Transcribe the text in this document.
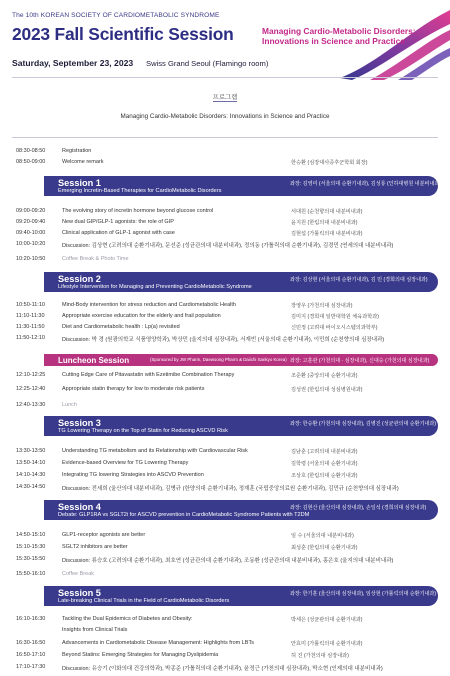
The 10th KOREAN SOCIETY OF CARDIOMETABOLIC SYNDROME
2023 Fall Scientific Session	Managing Cardio-Metabolic Disorders:
Innovations in Science and Practice
Saturday, September 23, 2023 Swiss Grand Seoul (Flamingo room)
프로그램
Managing Cardio-Metabolic Disorders: Innovations in Science and Practice
08:30-08:50	Registration
08:50-09:00	Welcome remark	한승환 (심장대사증후군학회 회장)
Session 1
Emerging Incretin-Based Therapies for CardioMetabolic Disorders
좌장: 김영미 (서울의대 순환기내과), 김성룡 (인하대병원 내분비내과)
09:00-09:20	The evolving story of incretin hormone beyond glucose control	서대원 (순천향의대 내분비내과)
09:20-09:40	New dual GIP/GLP-1 agonists: the role of GIP	윤지원 (한림의대 내분비내과)
09:40-10:00	Clinical application of GLP-1 agonist with case	김현섭 (가톨릭의대 내분비내과)
10:00-10:20	Discussion: 김상현 (고려의대 순환기내과), 문선준 (성균관의대 내분비내과), 정의동 (가톨릭의대 순환기내과), 김경민 (연세의대 내분비내과)
10:20-10:50	Coffee Break & Photo Time
Session 2
Lifestyle Intervention for Managing and Preventing CardioMetabolic Syndrome
좌장: 김상현 (서울의대 순환기내과), 김 민 (경희의대 심장내과)
10:50-11:10	Mind-Body intervention for stress reduction and Cardiometabolic Health	장영우 (가천의대 심장내과)
11:10-11:30	Appropriate exercise education for the elderly and frail population	김미지 (경희대 일반대학원 체육과학과)
11:30-11:50	Diet and Cardiometabolic health : Lp(a) revisited	신민정 (고려대 바이오시스템의과학부)
11:50-12:10	Discussion: 박 경 (원광의학교 식품영양학과), 박상민 (울지의대 심장내과), 서재빈 (서울의대 순환기내과), 이민희 (순천향의대 심장내과)
Luncheon Session	(Sponsored by JW Pharm, Daewoong Pharm & Daiichi Sankyo Korea) 좌장: 고훈관 (가천의대 · 심장내과), 신대승 (가천의대 심장내과)
12:10-12:25	Cutting Edge Care of Pitavastatin with Ezetimibe Combination Therapy	조준환 (중앙의대 순환기내과)
12:25-12:40	Appropriate statin therapy for low to moderate risk patients	김성권 (한림의대 성심병원내과)
12:40-13:30	Lunch
Session 3
TG Lowering Therapy on the Top of Statin for Reducing ASCVD Risk
좌장: 한승환 (가천의대 심장내과), 김병진 (성균관의대 순환기내과)
13:30-13:50	Understanding TG metabolism and its Relationship with Cardiovascular Risk	김남훈 (고려의대 내분비내과)
13:50-14:10	Evidence-based Overview for TG Lowering Therapy	김학령 (서울의대 순환기내과)
14:10-14:30	Integrating TG lowering Strategies into ASCVD Prevention	조상호 (한림의대 순환기내과)
14:30-14:50	Discussion: 전세희 (울산의대 내분비내과), 김병규 (한양의대 순환기내과), 정재훈 (국립중앙의료원 순환기내과), 김민규 (순천향의대 심장내과)
Session 4
Debate: GLP1RA vs SGLT2i for ASCVD prevention in CardioMetabolic Syndrome Patients with T2DM
좌장: 김현산 (울산의대 심장내과), 손일석 (경희의대 심장내과)
14:50-15:10	GLP1-receptor agonists are better	임 수 (서울의대 내분비내과)
15:10-15:30	SGLT2 inhibitors are better	최성훈 (한림의대 순환기내과)
15:30-15:50	Discussion: 류승호 (고려의대 순환기내과), 최호연 (성균관의대 순환기내과), 조동환 (성균관의대 내분비내과), 홍은호 (울지의대 내분비내과)
15:50-16:10	Coffee Break
Session 5
Late-breaking Clinical Trials in the Field of CardioMetabolic Disorders
좌장: 한기훈 (울산의대 심장내과), 임상현 (가톨릭의대 순환기내과)
16:10-16:30	Tackling the Dual Epidemics of Diabetes and Obesity:	박세은 (성균관의대 순환기내과)
Insights from Clinical Trials
16:30-16:50	Advancements in Cardiometabolic Disease Management: Highlights from LBTs	안효미 (가톨릭의대 순환기내과)
16:50-17:10	Beyond Statins: Emerging Strategies for Managing Dyslipidemia	허 진 (가천의대 심장내과)
17:10-17:30	Discussion: 유승기 (이화의대 건강의학과), 박종준 (가톨릭의대 순환기내과), 윤정근 (가천의대 심장내과), 박소현 (인제의대 내분비내과)
